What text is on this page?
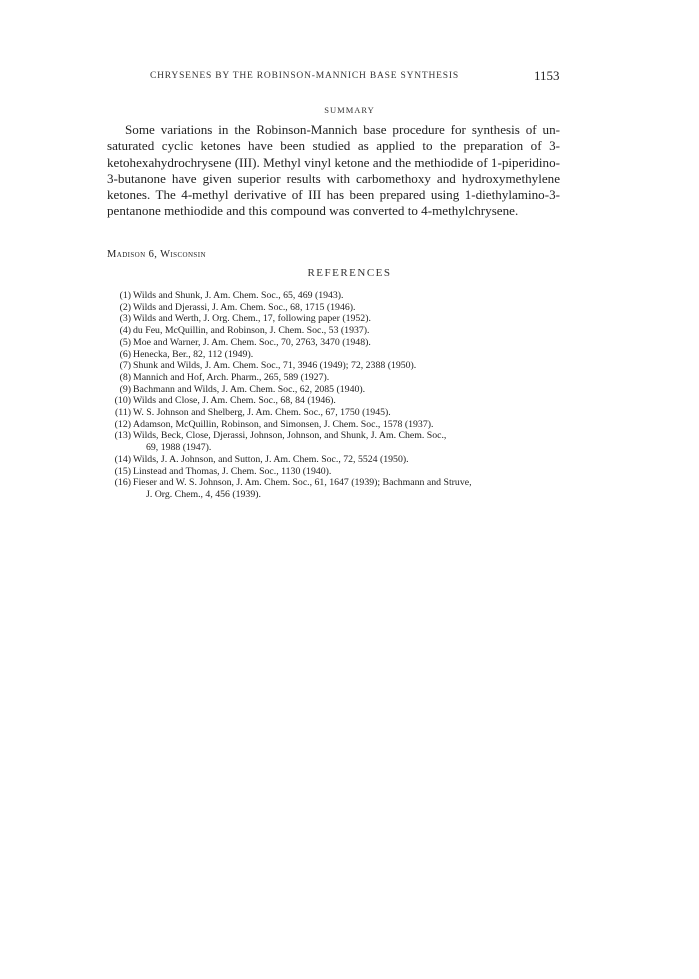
CHRYSENES BY THE ROBINSON-MANNICH BASE SYNTHESIS	1153
SUMMARY

Some variations in the Robinson-Mannich base procedure for synthesis of un-saturated cyclic ketones have been studied as applied to the preparation of 3-ketohexahydrochrysene (III). Methyl vinyl ketone and the methiodide of 1-piperidino-3-butanone have given superior results with carbomethoxy and hydroxymethylene ketones. The 4-methyl derivative of III has been prepared using 1-diethylamino-3-pentanone methiodide and this compound was converted to 4-methylchrysene.

Madison 6, Wisconsin
REFERENCES
(1) Wilds and Shunk, J. Am. Chem. Soc., 65, 469 (1943).
(2) Wilds and Djerassi, J. Am. Chem. Soc., 68, 1715 (1946).
(3) Wilds and Werth, J. Org. Chem., 17, following paper (1952).
(4) du Feu, McQuillin, and Robinson, J. Chem. Soc., 53 (1937).
(5) Moe and Warner, J. Am. Chem. Soc., 70, 2763, 3470 (1948).
(6) Henecka, Ber., 82, 112 (1949).
(7) Shunk and Wilds, J. Am. Chem. Soc., 71, 3946 (1949); 72, 2388 (1950).
(8) Mannich and Hof, Arch. Pharm., 265, 589 (1927).
(9) Bachmann and Wilds, J. Am. Chem. Soc., 62, 2085 (1940).
(10) Wilds and Close, J. Am. Chem. Soc., 68, 84 (1946).
(11) W. S. Johnson and Shelberg, J. Am. Chem. Soc., 67, 1750 (1945).
(12) Adamson, McQuillin, Robinson, and Simonsen, J. Chem. Soc., 1578 (1937).
(13) Wilds, Beck, Close, Djerassi, Johnson, Johnson, and Shunk, J. Am. Chem. Soc.,
69, 1988 (1947).
(14) Wilds, J. A. Johnson, and Sutton, J. Am. Chem. Soc., 72, 5524 (1950).
(15) Linstead and Thomas, J. Chem. Soc., 1130 (1940).
(16) Fieser and W. S. Johnson, J. Am. Chem. Soc., 61, 1647 (1939); Bachmann and Struve,
J. Org. Chem., 4, 456 (1939).
